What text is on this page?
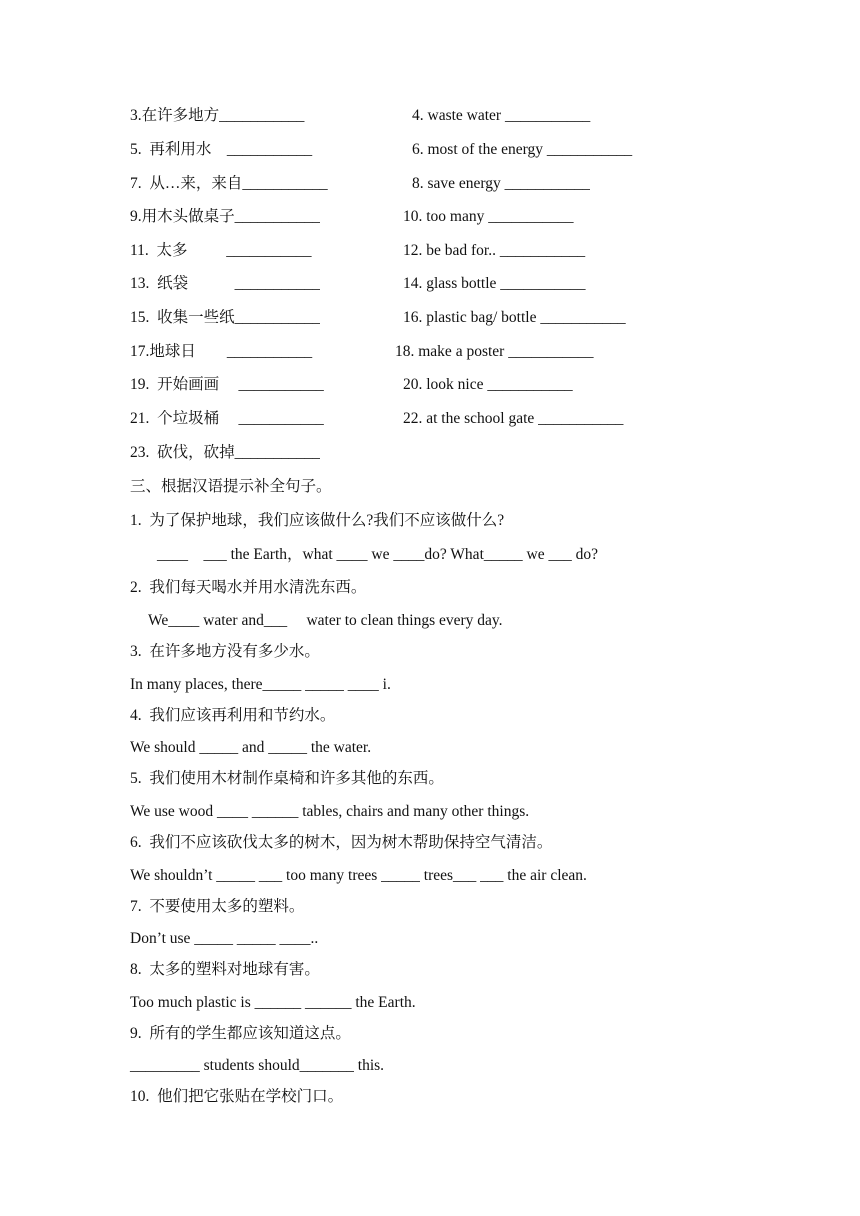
3.在许多地方___________	4. waste water ___________
5.  再利用水    ___________	6. most of the energy ___________
7.  从…来，来自___________	8. save energy ___________
9.用木头做桌子___________	10. too many ___________
11.  太多          ___________	12. be bad for.. ___________
13.  纸袋            ___________	14. glass bottle ___________
15.  收集一些纸___________	16. plastic bag/ bottle ___________
17.地球日        ___________	18. make a poster ___________
19.  开始画画     ___________	20. look nice ___________
21.  个垃圾桶     ___________	22. at the school gate ___________
23.  砍伐，砍掉___________
三、根据汉语提示补全句子。
1.  为了保护地球，我们应该做什么?我们不应该做什么?
____    ___ the Earth，what ____ we ____do? What_____ we ___ do?
2.  我们每天喝水并用水清洗东西。
We____ water and___     water to clean things every day.
3.  在许多地方没有多少水。
In many places, there_____ _____ ____ i.
4.  我们应该再利用和节约水。
We should _____ and _____ the water.
5.  我们使用木材制作桌椅和许多其他的东西。
We use wood ____ ______ tables, chairs and many other things.
6.  我们不应该砍伐太多的树木，因为树木帮助保持空气清洁。
We shouldn’t _____ ___ too many trees _____ trees___ ___ the air clean.
7.  不要使用太多的塑料。
Don’t use _____ _____ ____..
8.  太多的塑料对地球有害。
Too much plastic is ______ ______ the Earth.
9.  所有的学生都应该知道这点。
_________ students should_______ this.
10.  他们把它张贴在学校门口。
